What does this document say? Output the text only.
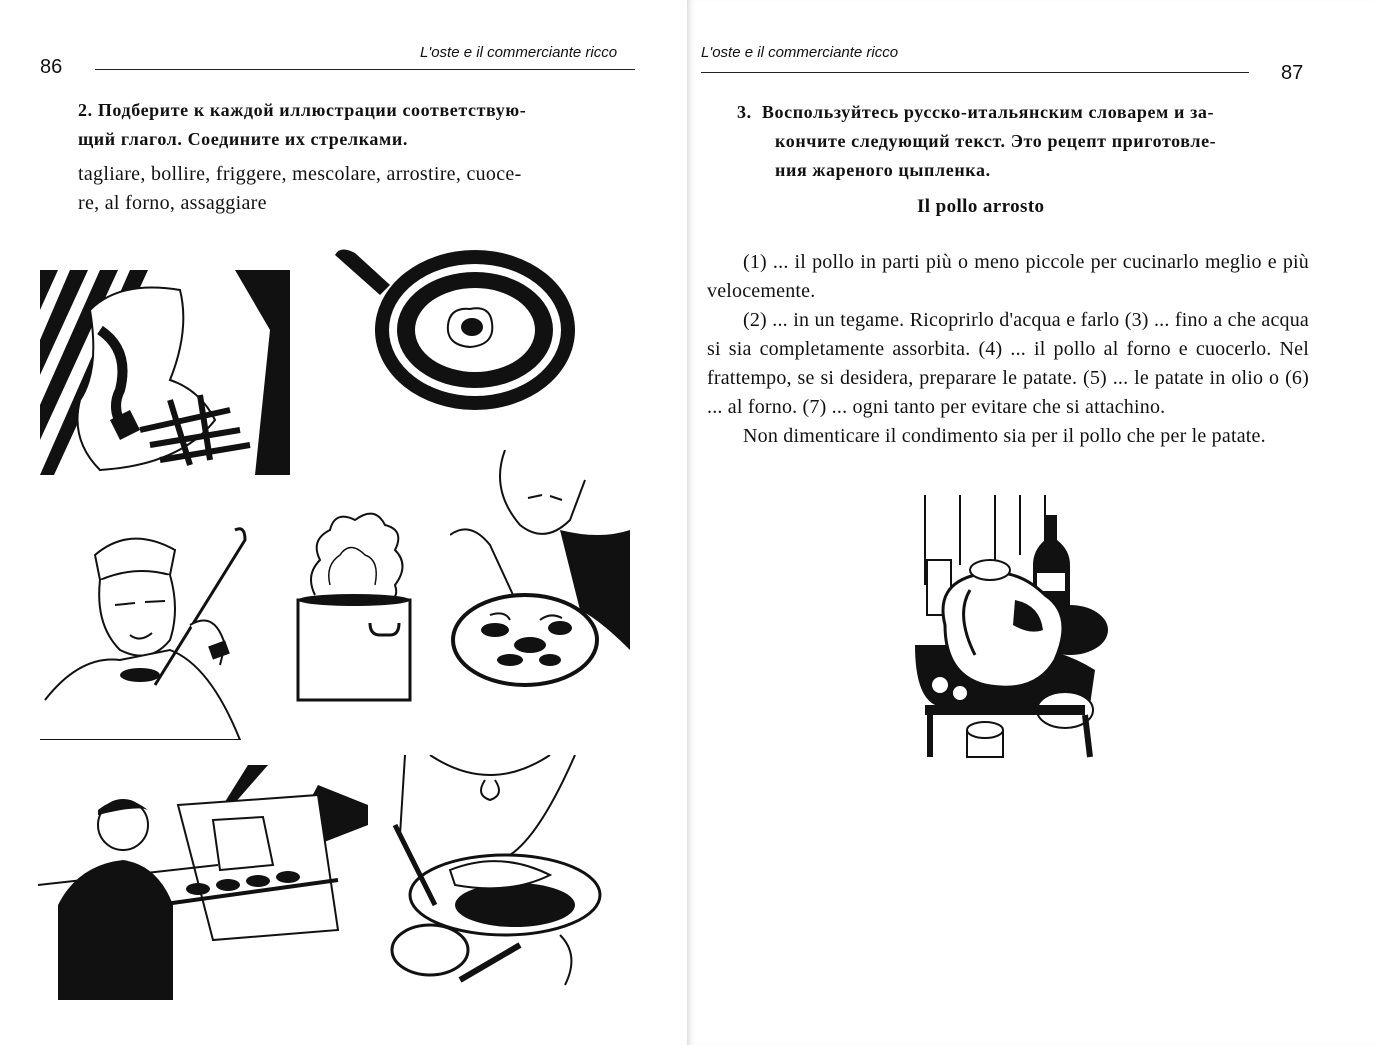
86
L'oste e il commerciante ricco
2. Подберите к каждой иллюстрации соответствую-
щий глагол. Соедините их стрелками.
tagliare, bollire, friggere, mescolare, arrostire, cuoce-
re, al forno, assaggiare
L'oste e il commerciante ricco
87
3. Воспользуйтесь русско-итальянским словарем и за-
кончите следующий текст. Это рецепт приготовле-
ния жареного цыпленка.
Il pollo arrosto

(1) ... il pollo in parti più o meno piccole per cucinarlo meglio e più velocemente.

(2) ... in un tegame. Ricoprirlo d'acqua e farlo (3) ... fino a che acqua si sia completamente assorbita. (4) ... il pollo al forno e cuocerlo. Nel frattempo, se si desidera, preparare le patate. (5) ... le patate in olio o (6) ... al forno. (7) ... ogni tanto per evitare che si attachino.

Non dimenticare il condimento sia per il pollo che per le patate.
